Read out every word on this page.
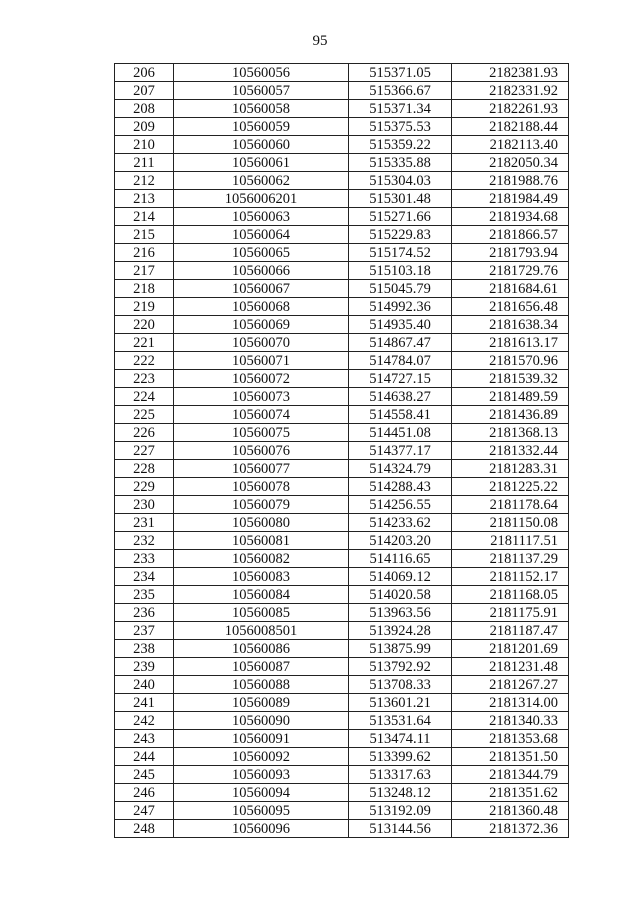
95
206	10560056	515371.05	2182381.93
207	10560057	515366.67	2182331.92
208	10560058	515371.34	2182261.93
209	10560059	515375.53	2182188.44
210	10560060	515359.22	2182113.40
211	10560061	515335.88	2182050.34
212	10560062	515304.03	2181988.76
213	1056006201	515301.48	2181984.49
214	10560063	515271.66	2181934.68
215	10560064	515229.83	2181866.57
216	10560065	515174.52	2181793.94
217	10560066	515103.18	2181729.76
218	10560067	515045.79	2181684.61
219	10560068	514992.36	2181656.48
220	10560069	514935.40	2181638.34
221	10560070	514867.47	2181613.17
222	10560071	514784.07	2181570.96
223	10560072	514727.15	2181539.32
224	10560073	514638.27	2181489.59
225	10560074	514558.41	2181436.89
226	10560075	514451.08	2181368.13
227	10560076	514377.17	2181332.44
228	10560077	514324.79	2181283.31
229	10560078	514288.43	2181225.22
230	10560079	514256.55	2181178.64
231	10560080	514233.62	2181150.08
232	10560081	514203.20	2181117.51
233	10560082	514116.65	2181137.29
234	10560083	514069.12	2181152.17
235	10560084	514020.58	2181168.05
236	10560085	513963.56	2181175.91
237	1056008501	513924.28	2181187.47
238	10560086	513875.99	2181201.69
239	10560087	513792.92	2181231.48
240	10560088	513708.33	2181267.27
241	10560089	513601.21	2181314.00
242	10560090	513531.64	2181340.33
243	10560091	513474.11	2181353.68
244	10560092	513399.62	2181351.50
245	10560093	513317.63	2181344.79
246	10560094	513248.12	2181351.62
247	10560095	513192.09	2181360.48
248	10560096	513144.56	2181372.36
